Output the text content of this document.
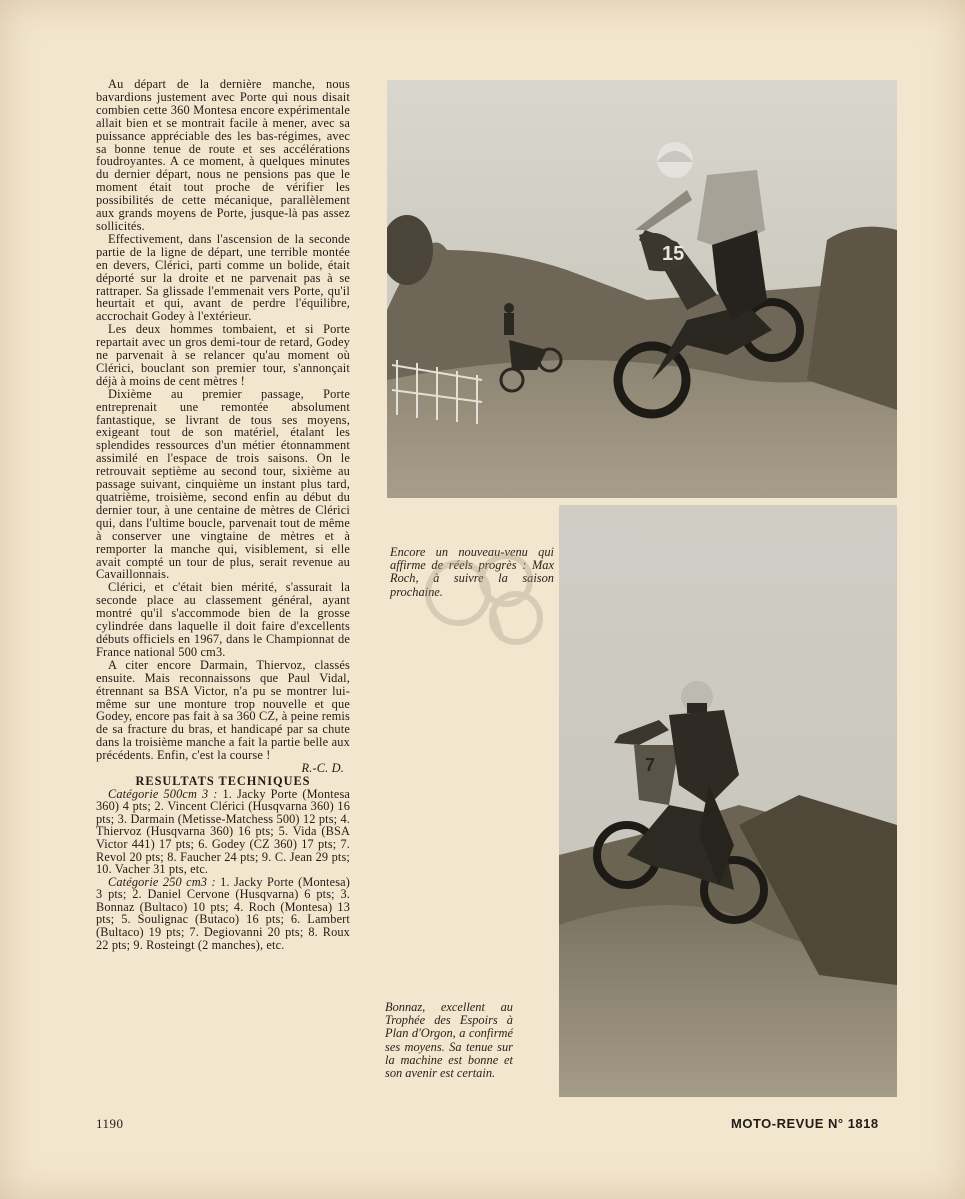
Au départ de la dernière manche, nous bavardions justement avec Porte qui nous disait combien cette 360 Montesa encore expérimentale allait bien et se montrait facile à mener, avec sa puissance appréciable des les bas-régimes, avec sa bonne tenue de route et ses accélérations foudroyantes. A ce moment, à quelques minutes du dernier départ, nous ne pensions pas que le moment était tout proche de vérifier les possibilités de cette mécanique, parallèlement aux grands moyens de Porte, jusque-là pas assez sollicités.

Effectivement, dans l'ascension de la seconde partie de la ligne de départ, une terrible montée en devers, Clérici, parti comme un bolide, était déporté sur la droite et ne parvenait pas à se rattraper. Sa glissade l'emmenait vers Porte, qu'il heurtait et qui, avant de perdre l'équilibre, accrochait Godey à l'extérieur.

Les deux hommes tombaient, et si Porte repartait avec un gros demi-tour de retard, Godey ne parvenait à se relancer qu'au moment où Clérici, bouclant son premier tour, s'annonçait déjà à moins de cent mètres !

Dixième au premier passage, Porte entreprenait une remontée absolument fantastique, se livrant de tous ses moyens, exigeant tout de son matériel, étalant les splendides ressources d'un métier étonnamment assimilé en l'espace de trois saisons. On le retrouvait septième au second tour, sixième au passage suivant, cinquième un instant plus tard, quatrième, troisième, second enfin au début du dernier tour, à une centaine de mètres de Clérici qui, dans l'ultime boucle, parvenait tout de même à conserver une vingtaine de mètres et à remporter la manche qui, visiblement, si elle avait compté un tour de plus, serait revenue au Cavaillonnais.

Clérici, et c'était bien mérité, s'assurait la seconde place au classement général, ayant montré qu'il s'accommode bien de la grosse cylindrée dans laquelle il doit faire d'excellents débuts officiels en 1967, dans le Championnat de France national 500 cm3.

A citer encore Darmain, Thiervoz, classés ensuite. Mais reconnaissons que Paul Vidal, étrennant sa BSA Victor, n'a pu se montrer lui-même sur une monture trop nouvelle et que Godey, encore pas fait à sa 360 CZ, à peine remis de sa fracture du bras, et handicapé par sa chute dans la troisième manche a fait la partie belle aux précédents. Enfin, c'est la course !

R.-C. D.

RESULTATS TECHNIQUES

Catégorie 500cm 3 : 1. Jacky Porte (Montesa 360) 4 pts; 2. Vincent Clérici (Husqvarna 360) 16 pts; 3. Darmain (Metisse-Matchess 500) 12 pts; 4. Thiervoz (Husqvarna 360) 16 pts; 5. Vida (BSA Victor 441) 17 pts; 6. Godey (CZ 360) 17 pts; 7. Revol 20 pts; 8. Faucher 24 pts; 9. C. Jean 29 pts; 10. Vacher 31 pts, etc.

Catégorie 250 cm3 : 1. Jacky Porte (Montesa) 3 pts; 2. Daniel Cervone (Husqvarna) 6 pts; 3. Bonnaz (Bultaco) 10 pts; 4. Roch (Montesa) 13 pts; 5. Soulignac (Butaco) 16 pts; 6. Lambert (Bultaco) 19 pts; 7. Degiovanni 20 pts; 8. Roux 22 pts; 9. Rosteingt (2 manches), etc.

15
7
Encore un nouveau-venu qui affirme de réels progrès : Max Roch, à suivre la saison prochaine.
Bonnaz, excellent au Trophée des Espoirs à Plan d'Orgon, a confirmé ses moyens. Sa tenue sur la machine est bonne et son avenir est certain.
1190	MOTO-REVUE N° 1818
